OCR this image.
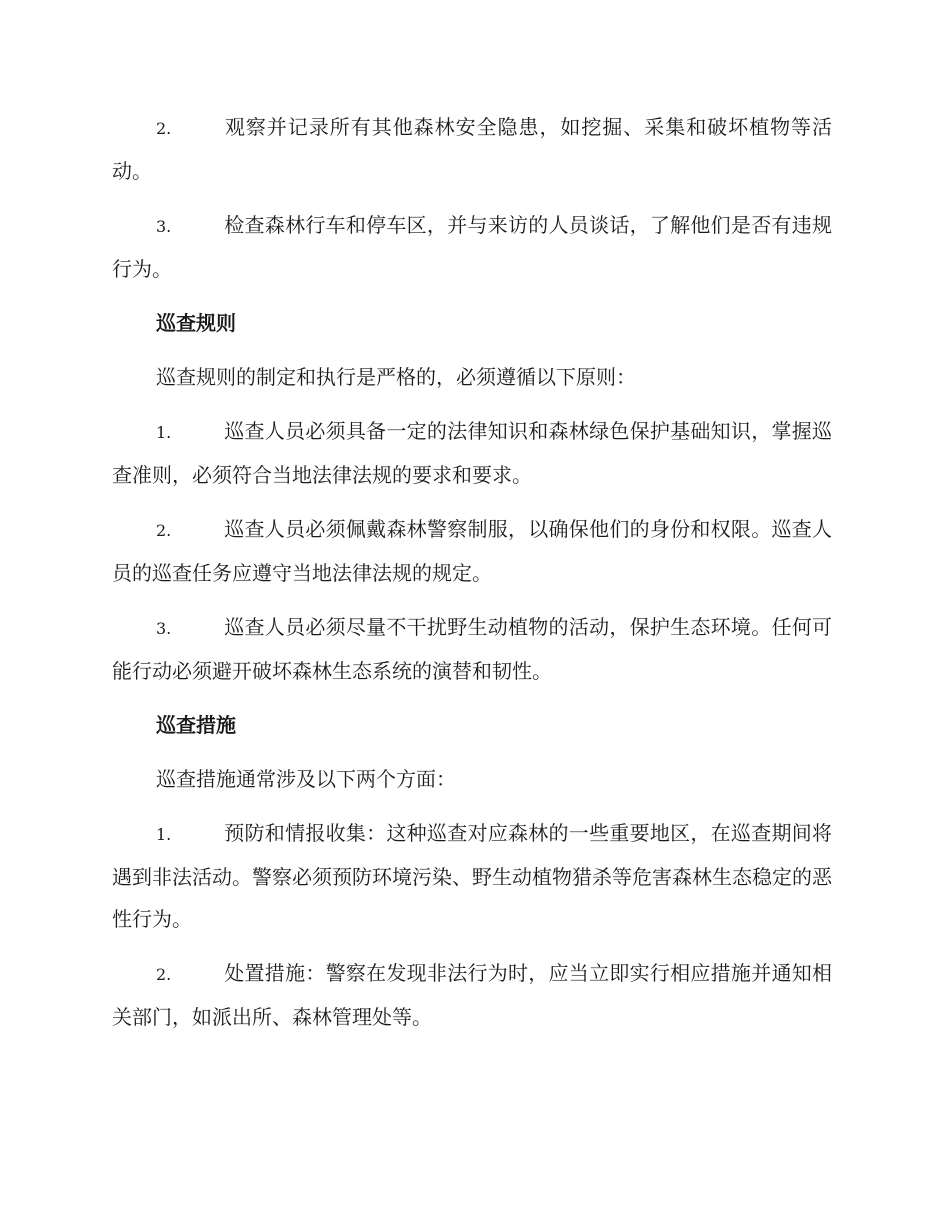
2.	观察并记录所有其他森林安全隐患，如挖掘、采集和破坏植物等活动。

3.	检查森林行车和停车区，并与来访的人员谈话，了解他们是否有违规行为。

巡查规则

巡查规则的制定和执行是严格的，必须遵循以下原则：

1.	巡查人员必须具备一定的法律知识和森林绿色保护基础知识，掌握巡查准则，必须符合当地法律法规的要求和要求。

2.	巡查人员必须佩戴森林警察制服，以确保他们的身份和权限。巡查人员的巡查任务应遵守当地法律法规的规定。

3.	巡查人员必须尽量不干扰野生动植物的活动，保护生态环境。任何可能行动必须避开破坏森林生态系统的演替和韧性。

巡查措施

巡查措施通常涉及以下两个方面：

1.	预防和情报收集：这种巡查对应森林的一些重要地区，在巡查期间将遇到非法活动。警察必须预防环境污染、野生动植物猎杀等危害森林生态稳定的恶性行为。

2.	处置措施：警察在发现非法行为时，应当立即实行相应措施并通知相关部门，如派出所、森林管理处等。
